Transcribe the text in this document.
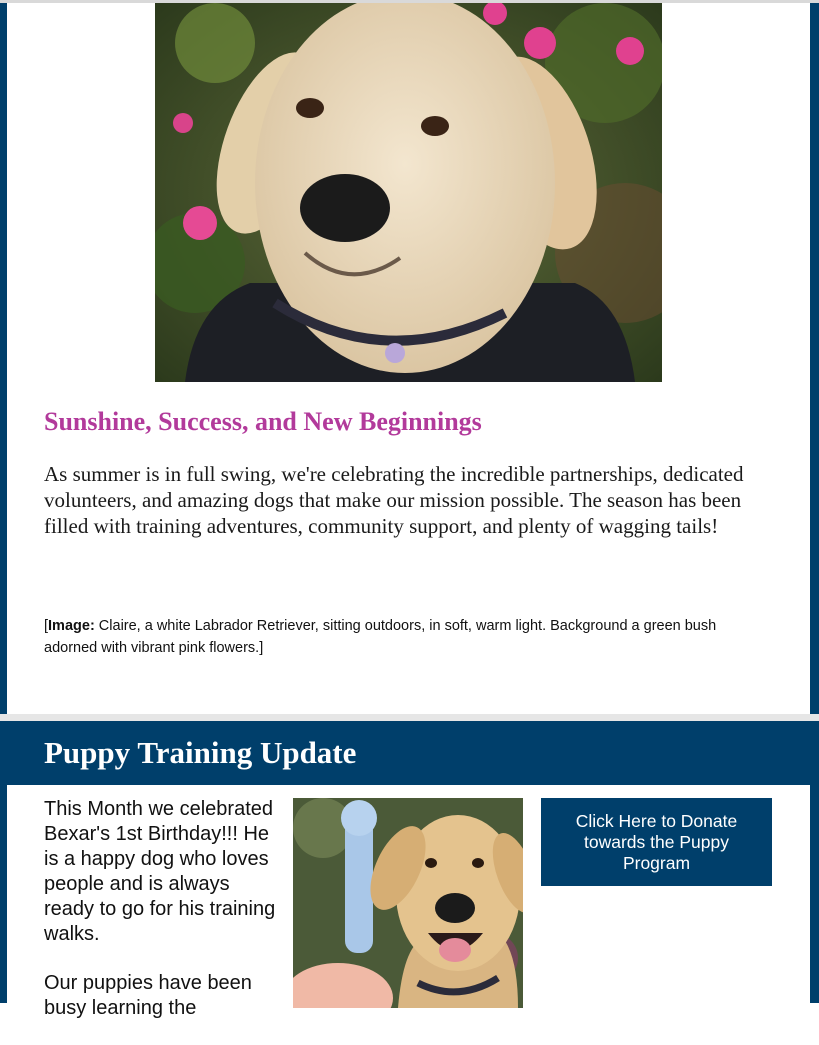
Sunshine, Success, and New Beginnings

As summer is in full swing, we're celebrating the incredible partnerships, dedicated volunteers, and amazing dogs that make our mission possible. The season has been filled with training adventures, community support, and plenty of wagging tails!

[Image: Claire, a white Labrador Retriever, sitting outdoors, in soft, warm light. Background a green bush adorned with vibrant pink flowers.]

Puppy Training Update

This Month we celebrated Bexar's 1st Birthday!!! He is a happy dog who loves people and is always ready to go for his training walks.

Our puppies have been busy learning the

Click Here to Donate towards the Puppy Program
